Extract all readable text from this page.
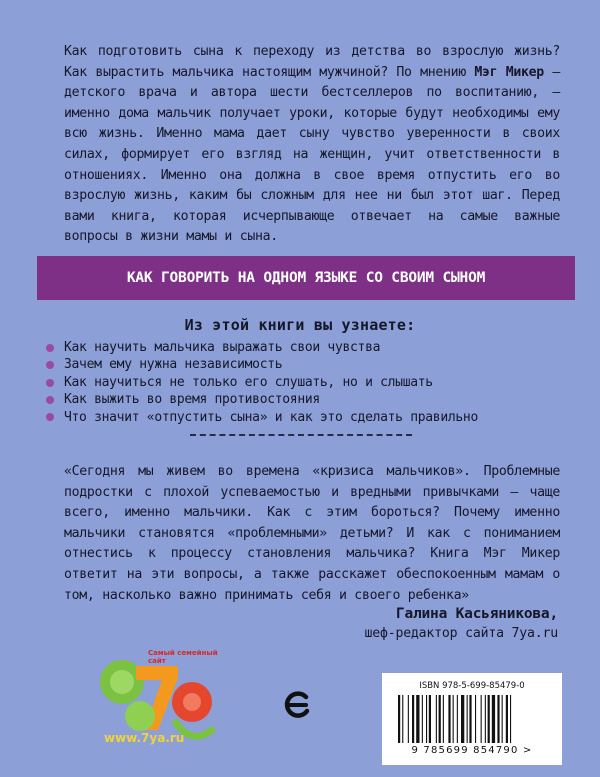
Как подготовить сына к переходу из детства во взрослую жизнь? Как вырастить мальчика настоящим мужчиной? По мнению Мэг Микер — детского врача и автора шести бестселлеров по воспитанию, — именно дома мальчик получает уроки, которые будут необходимы ему всю жизнь. Именно мама дает сыну чувство уверенности в своих силах, формирует его взгляд на женщин, учит ответственности в отношениях. Именно она должна в свое время отпустить его во взрослую жизнь, каким бы сложным для нее ни был этот шаг. Перед вами книга, которая исчерпывающе отвечает на самые важные вопросы в жизни мамы и сына.
КАК ГОВОРИТЬ НА ОДНОМ ЯЗЫКЕ СО СВОИМ СЫНОМ
Из этой книги вы узнаете:
Как научить мальчика выражать свои чувства
Зачем ему нужна независимость
Как научиться не только его слушать, но и слышать
Как выжить во время противостояния
Что значит «отпустить сына» и как это сделать правильно
«Сегодня мы живем во времена «кризиса мальчиков». Проблемные подростки с плохой успеваемостью и вредными привычками — чаще всего, именно мальчики. Как с этим бороться? Почему именно мальчики становятся «проблемными» детьми? И как с пониманием отнестись к процессу становления мальчика? Книга Мэг Микер ответит на эти вопросы, а также расскажет обеспокоенным мамам о том, насколько важно принимать себя и своего ребенка»
Галина Касьяникова,
шеф-редактор сайта 7ya.ru
Самый семейный сайт
www.7ya.ru
ISBN 978-5-699-85479-0
9 785699 854790 >
